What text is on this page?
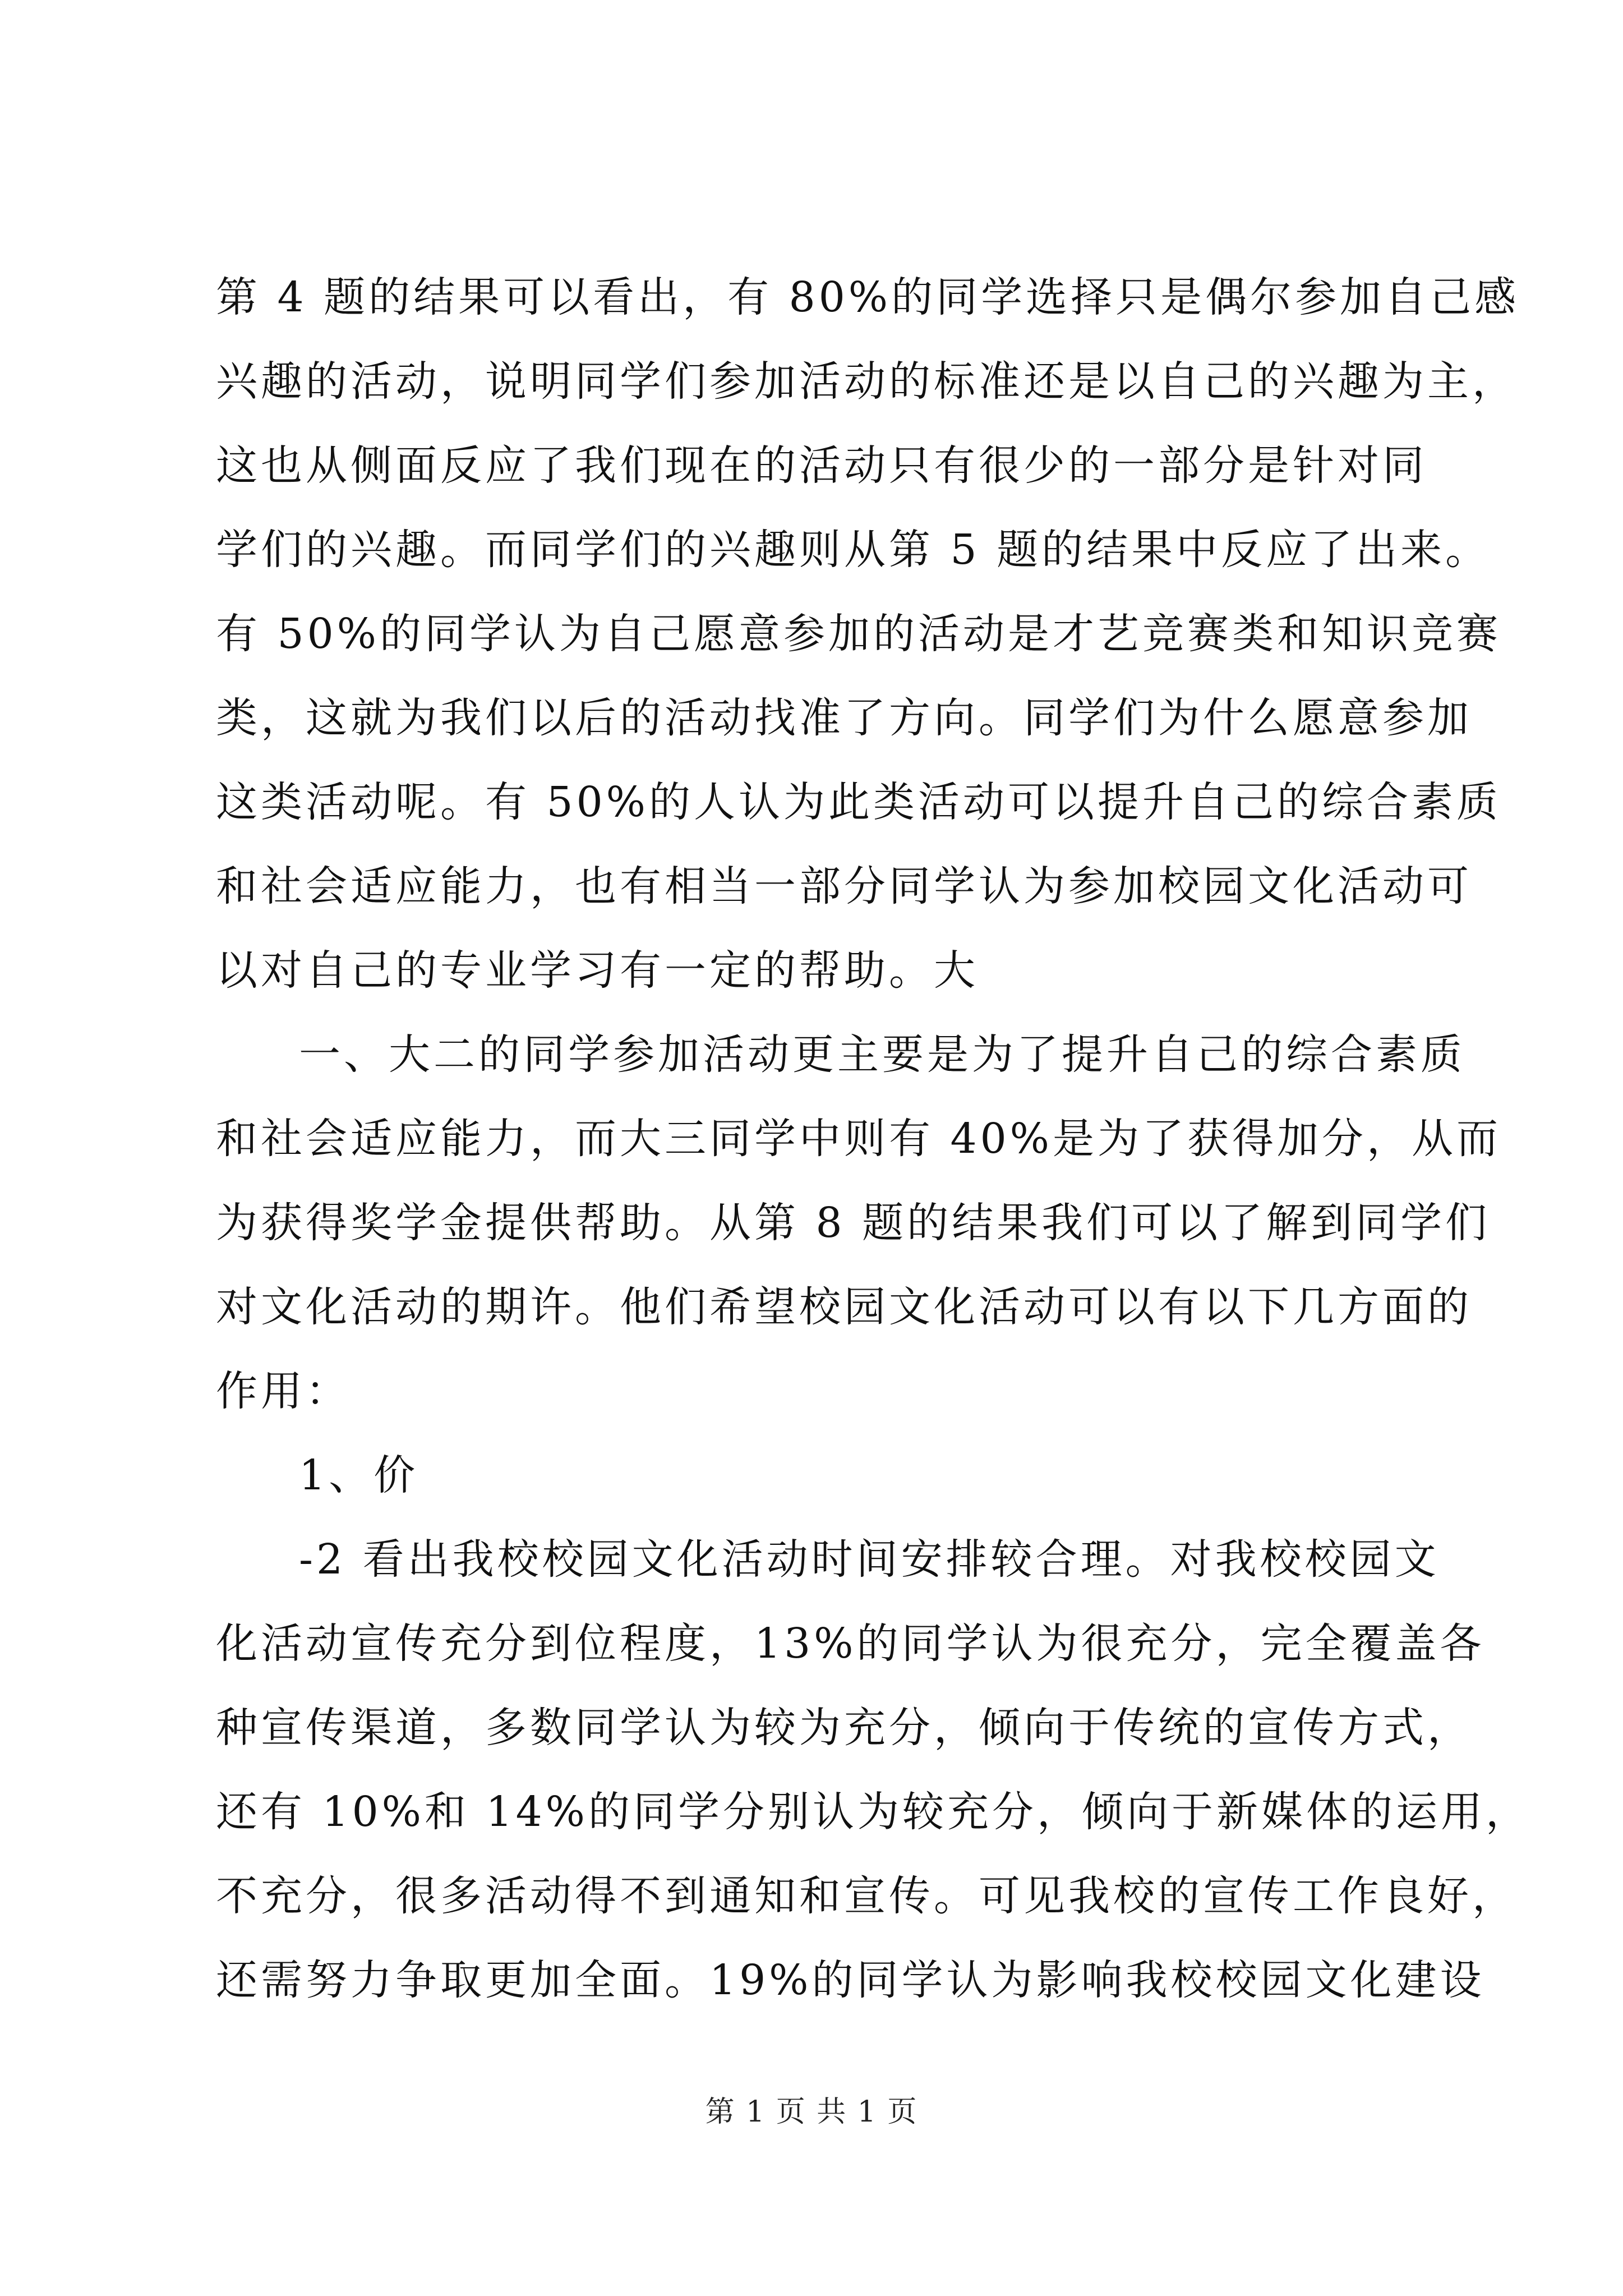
第 4 题的结果可以看出，有 80%的同学选择只是偶尔参加自己感
兴趣的活动，说明同学们参加活动的标准还是以自己的兴趣为主，
这也从侧面反应了我们现在的活动只有很少的一部分是针对同
学们的兴趣。而同学们的兴趣则从第 5 题的结果中反应了出来。
有 50%的同学认为自己愿意参加的活动是才艺竞赛类和知识竞赛
类，这就为我们以后的活动找准了方向。同学们为什么愿意参加
这类活动呢。有 50%的人认为此类活动可以提升自己的综合素质
和社会适应能力，也有相当一部分同学认为参加校园文化活动可
以对自己的专业学习有一定的帮助。大
一、大二的同学参加活动更主要是为了提升自己的综合素质
和社会适应能力，而大三同学中则有 40%是为了获得加分，从而
为获得奖学金提供帮助。从第 8 题的结果我们可以了解到同学们
对文化活动的期许。他们希望校园文化活动可以有以下几方面的
作用：
1、价
-2 看出我校校园文化活动时间安排较合理。对我校校园文
化活动宣传充分到位程度，13%的同学认为很充分，完全覆盖各
种宣传渠道，多数同学认为较为充分，倾向于传统的宣传方式，
还有 10%和 14%的同学分别认为较充分，倾向于新媒体的运用，
不充分，很多活动得不到通知和宣传。可见我校的宣传工作良好，
还需努力争取更加全面。19%的同学认为影响我校校园文化建设
第 1 页 共 1 页
